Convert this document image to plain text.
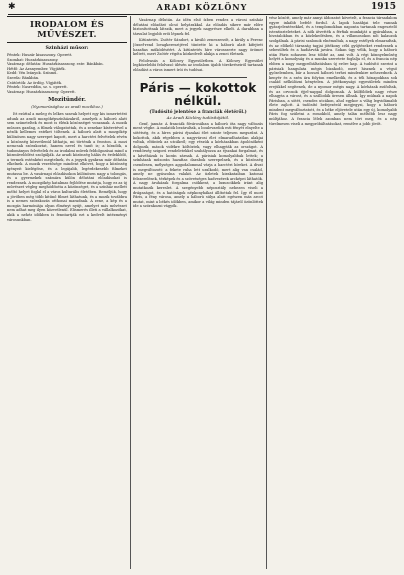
✱	ARADI KÖZLÖNY	1915
IRODALOM ÉS MŰVÉSZET.
Szinházi műsor:

Péntek: Huszár kisasszony. Operett.

Szombat: Huszárkisasszony.

Vasárnap: délután: Huszárkisasszony, este: Bánkbán.

Hétfő: Az Aranyember. Vígjáték.

Kedd: Vén leányok. Színmű.

Szerda: Bánkbán.

Csütörtök: Az ördög. Vígjáték.

Péntek: Nasreddin, sz. s. operett.

Vasárnap: Huszárkisasszony. Operett.

Mozitündér.
(Nyomorúsághoz az aradi mozikhoz.)

Itt ezúttal a meleg és lelkes szavak helyett egy kis ismertetést adunk az aradi mozgóképszínházakról, amelyek a háború alatt sem szüneteltek és most is élénk közönséget vonzanak. A mozik műsora gazdag, a filmek válogatottak, és a zenekar kíséretével a nézők kellemes estéket töltenek. A háború alatt a mozgókép különösen nagy szerepet kapott, mert a harctéri felvételek révén a közönség közvetlenül láthatja, mi történik a fronton. A mozi nemcsak szórakoztat, hanem nevel és tanít is; a híradók, a tudományos felvételek és az irodalmi művek feldolgozásai mind a közművelődést szolgálják. Az aradi közönség hálás és érdeklődő, a termek esténként megtelnek, és a jegyek gyakran már délután elkelnek. A mozik vezetősége mindent elkövet, hogy a közönség igényeit kielégítse, és a legújabb, legérdekesebb filmeket mutassa be. A vasárnapi előadásokon különösen nagy a tolongás, és a gyermekek számára külön délutáni előadásokat is rendeznek. A mozgókép hatalmas fejlődése mutatja, hogy ez az új művészet végleg meghódította a közönséget, és a színház mellett méltó helyet foglal el a város kulturális életében. Reméljük, hogy a jövőben még több kitűnő filmet láthatunk, és a mozik továbbra is a nemes szórakozás otthonai maradnak. A zene, a kép és a mozgás harmóniája olyan élményt nyújt, amelyet más művészet nem adhat meg ilyen közvetlenül. Elismerés illeti a vállalkozókat, akik a nehéz időkben is fenntartják ezt a kedvelt intézményt városunkban.

Vasárnap délután. Az idén első ízben rendez a városi színház délutáni előadást olcsó helyárakkal. Az előadás sikere már előre biztosítottnak látszik, mert a jegyek nagyrésze elkelt. A darabban a társulat legjobb erői lépnek fel.

Kitüntetés. Zsótér Sándort, a kiváló zeneszerzőt, a király a Ferenc József-rend lovagkeresztjével tüntette ki a háború alatt kifejtett hazafias működéséért. A kitüntetés híre városszerte nagy örömet keltett, mert Zsótér régóta közkedvelt alakja a zenei életnek.

Felolvasás a Kölcsey Egyesületben. A Kölcsey Egyesület legközelebbi felolvasó ülésén az irodalom újabb törekvéseiről tartanak előadást a város ismert írói és tudósai.

Páris — kokottok nélkül.
(Tudósító jelentése a franciák életéről.)
Az Aradi Közlöny tudósítójától.

Genf, január. A franciák fővárosában a háború óta nagy változás ment végbe. A mulatók bezárultak, a boulevardok esti fényét elnyelte a sötétség, és a híres párisi éjszakai élet szinte teljesen megszűnt. A kokottok, akik régebben a nagyvárosi élet elmaradhatatlan alakjai voltak, eltűntek az utcákról; egy részük a kórházakban ápolónőként dolgozik, mások vidékre költöztek, vagy elhagyták az országot. A rendőrség szigorú rendeletekkel szabályozza az éjszakai forgalmat, és a kávéházak is korán zárnak. A párisiak komolyabbak lettek; a színházak műsorán hazafias darabok szerepelnek, és a közönség csendesen, mélységes aggodalommal várja a harctéri híreket. A divat is megváltozott: a fekete ruha lett uralkodó, mert alig van család, amely ne gyászolna valakit. Az üzletek kirakataiban katonai felszerelések, térképek és a szövetséges hadvezérek arcképei láthatók. A nagy áruházak forgalma csökkent, a luxuscikkek iránt alig mutatkozik kereslet. A szegényebb néposztály nehezen viseli a drágaságot, és a hatóságok népkonyhákat állítottak fel. Így él most Páris, a fény városa, amely a háború súlya alatt egészen más arcot mutat, mint a békés időkben, amikor a világ minden tájáról özönlöttek ide a szórakozni vágyók.

vész között, amely már annyi áldozatot követelt, a francia társadalom egyre inkább befelé fordul. A lapok hasábjai tele vannak gyászjelentésekkel, és a templomokban naponta tartanak engesztelő istentiszteleteket. A nők átvették a férfiak munkáját a gyárakban, a hivatalokban és a közlekedésben, és a villamosokon női kalauzok szolgálnak. A párisi szalonok elnémultak, a nagy estélyek elmaradtak, és az előkelő társaság tagjai jótékony célú gyűjtéseket rendeznek a sebesültek és a hadiárvák javára. Sokan úgy vélik, hogy a háború után Páris sohasem lesz többé az, ami volt. A régi könnyelműség helyét a komolyság és a munka szeretete foglalja el, és a francia nép ebben a nagy megpróbáltatásban új erőre kap. A tudósító szerint a párisiak hangulata mégis bizakodó, mert hisznek a végső győzelemben, bár a hosszú háború terhei mindenkire nehezednek. A kenyér és a szén ára folyton emelkedik, és a téli hónapokban sok család nélkülözni kénytelen. A jótékonysági egyesületek minden erejükkel segítenek, de a nyomor mégis nagy. A kórházak zsúfoltak, és az orvosok éjjel-nappal dolgoznak. A külföldiek nagy része elhagyta a várost, és a szállodák üresen állnak. Így múlnak a napok Párisban, a sötét, csendes utcákon, ahol egykor a világ legvidámabb élete zajlott. A tudósító befejezésül megjegyzi, hogy a háború mindent megváltoztatott, és a béke eljövetele után egy új, komolyabb Páris fog születni a romokból, amely talán méltóbb lesz nagy múltjához. A francia lélek azonban nem tört meg, és a nép türelmesen viseli a megpróbáltatásokat, remélve a jobb jövőt.
